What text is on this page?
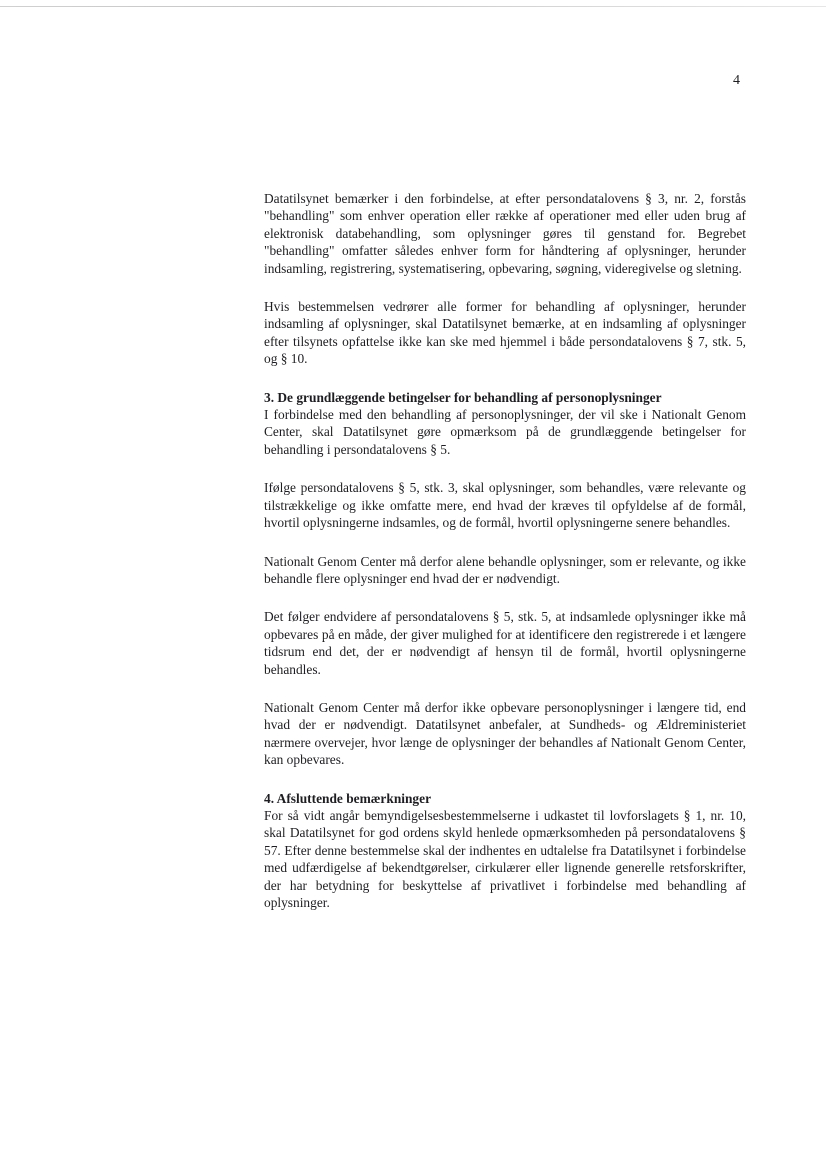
4

Datatilsynet bemærker i den forbindelse, at efter persondatalovens § 3, nr. 2, forstås "behandling" som enhver operation eller række af operationer med eller uden brug af elektronisk databehandling, som oplysninger gøres til genstand for. Begrebet "behandling" omfatter således enhver form for håndtering af oplysninger, herunder indsamling, registrering, systematisering, opbevaring, søgning, videregivelse og sletning.

Hvis bestemmelsen vedrører alle former for behandling af oplysninger, herunder indsamling af oplysninger, skal Datatilsynet bemærke, at en indsamling af oplysninger efter tilsynets opfattelse ikke kan ske med hjemmel i både persondatalovens § 7, stk. 5, og § 10.

3. De grundlæggende betingelser for behandling af personoplysninger

I forbindelse med den behandling af personoplysninger, der vil ske i Nationalt Genom Center, skal Datatilsynet gøre opmærksom på de grundlæggende betingelser for behandling i persondatalovens § 5.

Ifølge persondatalovens § 5, stk. 3, skal oplysninger, som behandles, være relevante og tilstrækkelige og ikke omfatte mere, end hvad der kræves til opfyldelse af de formål, hvortil oplysningerne indsamles, og de formål, hvortil oplysningerne senere behandles.

Nationalt Genom Center må derfor alene behandle oplysninger, som er relevante, og ikke behandle flere oplysninger end hvad der er nødvendigt.

Det følger endvidere af persondatalovens § 5, stk. 5, at indsamlede oplysninger ikke må opbevares på en måde, der giver mulighed for at identificere den registrerede i et længere tidsrum end det, der er nødvendigt af hensyn til de formål, hvortil oplysningerne behandles.

Nationalt Genom Center må derfor ikke opbevare personoplysninger i længere tid, end hvad der er nødvendigt. Datatilsynet anbefaler, at Sundheds- og Ældreministeriet nærmere overvejer, hvor længe de oplysninger der behandles af Nationalt Genom Center, kan opbevares.

4. Afsluttende bemærkninger

For så vidt angår bemyndigelsesbestemmelserne i udkastet til lovforslagets § 1, nr. 10, skal Datatilsynet for god ordens skyld henlede opmærksomheden på persondatalovens § 57. Efter denne bestemmelse skal der indhentes en udtalelse fra Datatilsynet i forbindelse med udfærdigelse af bekendtgørelser, cirkulærer eller lignende generelle retsforskrifter, der har betydning for beskyttelse af privatlivet i forbindelse med behandling af oplysninger.
